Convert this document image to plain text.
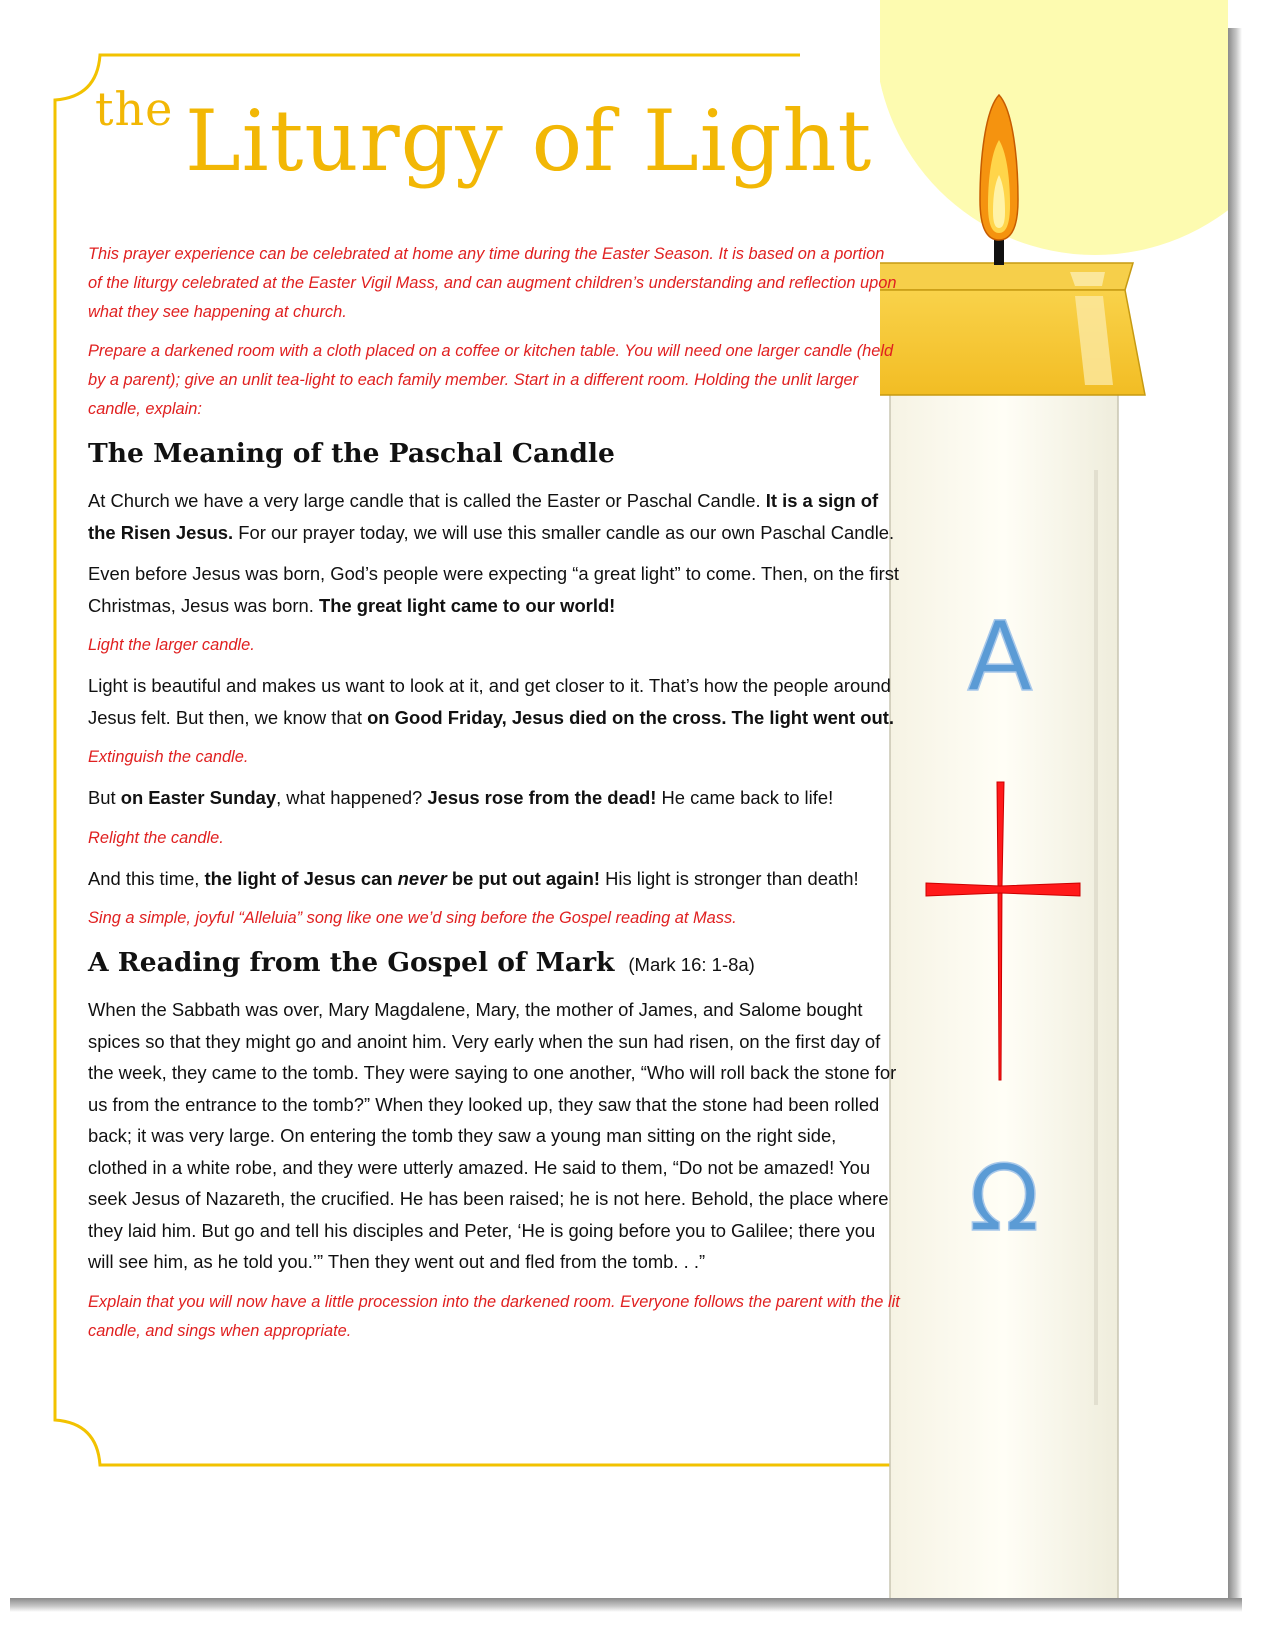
A
Ω
the Liturgy of Light

This prayer experience can be celebrated at home any time during the Easter Season. It is based on a portion of the liturgy celebrated at the Easter Vigil Mass, and can augment children’s understanding and reflection upon what they see happening at church.

Prepare a darkened room with a cloth placed on a coffee or kitchen table. You will need one larger candle (held by a parent); give an unlit tea-light to each family member. Start in a different room. Holding the unlit larger candle, explain:

The Meaning of the Paschal Candle

At Church we have a very large candle that is called the Easter or Paschal Candle. It is a sign of the Risen Jesus. For our prayer today, we will use this smaller candle as our own Paschal Candle.

Even before Jesus was born, God’s people were expecting “a great light” to come. Then, on the first Christmas, Jesus was born. The great light came to our world!

Light the larger candle.

Light is beautiful and makes us want to look at it, and get closer to it. That’s how the people around Jesus felt. But then, we know that on Good Friday, Jesus died on the cross. The light went out.

Extinguish the candle.

But on Easter Sunday, what happened? Jesus rose from the dead! He came back to life!

Relight the candle.

And this time, the light of Jesus can never be put out again! His light is stronger than death!

Sing a simple, joyful “Alleluia” song like one we’d sing before the Gospel reading at Mass.

A Reading from the Gospel of Mark (Mark 16: 1-8a)

When the Sabbath was over, Mary Magdalene, Mary, the mother of James, and Salome bought spices so that they might go and anoint him. Very early when the sun had risen, on the first day of the week, they came to the tomb. They were saying to one another, “Who will roll back the stone for us from the entrance to the tomb?” When they looked up, they saw that the stone had been rolled back; it was very large. On entering the tomb they saw a young man sitting on the right side, clothed in a white robe, and they were utterly amazed. He said to them, “Do not be amazed! You seek Jesus of Nazareth, the crucified. He has been raised; he is not here. Behold, the place where they laid him. But go and tell his disciples and Peter, ‘He is going before you to Galilee; there you will see him, as he told you.’” Then they went out and fled from the tomb. . .”

Explain that you will now have a little procession into the darkened room. Everyone follows the parent with the lit candle, and sings when appropriate.
